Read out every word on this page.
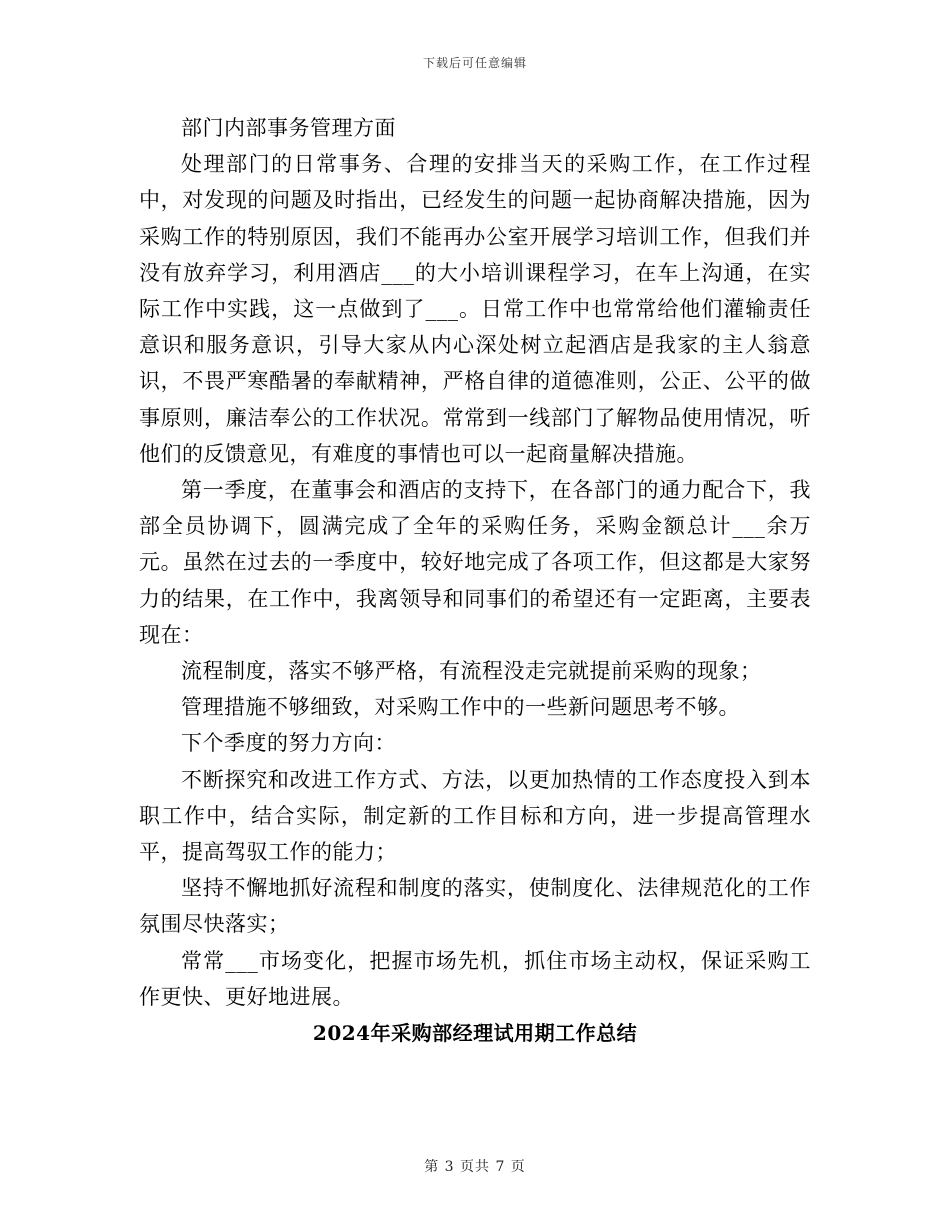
下载后可任意编辑

部门内部事务管理方面

处理部门的日常事务、合理的安排当天的采购工作，在工作过程中，对发现的问题及时指出，已经发生的问题一起协商解决措施，因为采购工作的特别原因，我们不能再办公室开展学习培训工作，但我们并没有放弃学习，利用酒店___的大小培训课程学习，在车上沟通，在实际工作中实践，这一点做到了___。日常工作中也常常给他们灌输责任意识和服务意识，引导大家从内心深处树立起酒店是我家的主人翁意识，不畏严寒酷暑的奉献精神，严格自律的道德准则，公正、公平的做事原则，廉洁奉公的工作状况。常常到一线部门了解物品使用情况，听他们的反馈意见，有难度的事情也可以一起商量解决措施。

第一季度，在董事会和酒店的支持下，在各部门的通力配合下，我部全员协调下，圆满完成了全年的采购任务，采购金额总计___余万元。虽然在过去的一季度中，较好地完成了各项工作，但这都是大家努力的结果，在工作中，我离领导和同事们的希望还有一定距离，主要表现在：

流程制度，落实不够严格，有流程没走完就提前采购的现象；

管理措施不够细致，对采购工作中的一些新问题思考不够。

下个季度的努力方向：

不断探究和改进工作方式、方法，以更加热情的工作态度投入到本职工作中，结合实际，制定新的工作目标和方向，进一步提高管理水平，提高驾驭工作的能力；

坚持不懈地抓好流程和制度的落实，使制度化、法律规范化的工作氛围尽快落实；

常常___市场变化，把握市场先机，抓住市场主动权，保证采购工作更快、更好地进展。

2024年采购部经理试用期工作总结

第 3 页共 7 页
